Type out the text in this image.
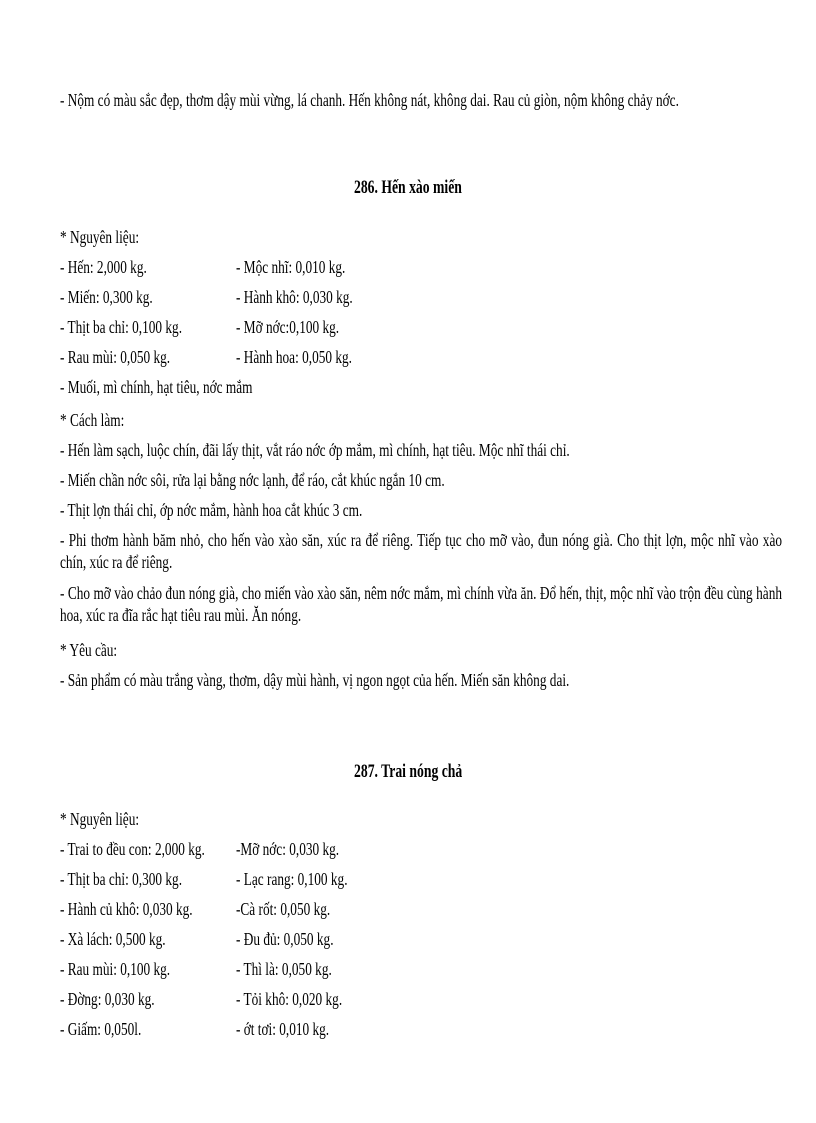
- Nộm có màu sắc đẹp, thơm dậy mùi vừng, lá chanh. Hến không nát, không dai. Rau củ giòn, nộm không chảy nớc.
286. Hến xào miến
* Nguyên liệu:
- Hến: 2,000 kg.
- Miến: 0,300 kg.
- Thịt ba chỉ: 0,100 kg.
- Rau mùi: 0,050 kg.
- Muối, mì chính, hạt tiêu, nớc mắm
- Mộc nhĩ: 0,010 kg.
- Hành khô: 0,030 kg.
- Mỡ nớc:0,100 kg.
- Hành hoa: 0,050 kg.
* Cách làm:
- Hến làm sạch, luộc chín, đãi lấy thịt, vắt ráo nớc ớp mắm, mì chính, hạt tiêu. Mộc nhĩ thái chỉ.
- Miến chần nớc sôi, rửa lại bằng nớc lạnh, để ráo, cắt khúc ngắn 10 cm.
- Thịt lợn thái chỉ, ớp nớc mắm, hành hoa cắt khúc 3 cm.
- Phi thơm hành băm nhỏ, cho hến vào xào săn, xúc ra để riêng. Tiếp tục cho mỡ vào, đun nóng già. Cho thịt lợn, mộc nhĩ vào xào chín, xúc ra để riêng.
- Cho mỡ vào chảo đun nóng già, cho miến vào xào săn, nêm nớc mắm, mì chính vừa ăn. Đổ hến, thịt, mộc nhĩ vào trộn đều cùng hành hoa, xúc ra đĩa rắc hạt tiêu rau mùi. Ăn nóng.
* Yêu cầu:
- Sản phẩm có màu trắng vàng, thơm, dậy mùi hành, vị ngon ngọt của hến. Miến săn không dai.
287. Trai nóng chả
* Nguyên liệu:
- Trai to đều con: 2,000 kg.
- Thịt ba chỉ: 0,300 kg.
- Hành củ khô: 0,030 kg.
- Xà lách: 0,500 kg.
- Rau mùi: 0,100 kg.
- Đờng: 0,030 kg.
- Giấm: 0,050l.
-Mỡ nớc: 0,030 kg.
- Lạc rang: 0,100 kg.
-Cà rốt: 0,050 kg.
- Đu đủ: 0,050 kg.
- Thì là: 0,050 kg.
- Tỏi khô: 0,020 kg.
- ớt tơi: 0,010 kg.
